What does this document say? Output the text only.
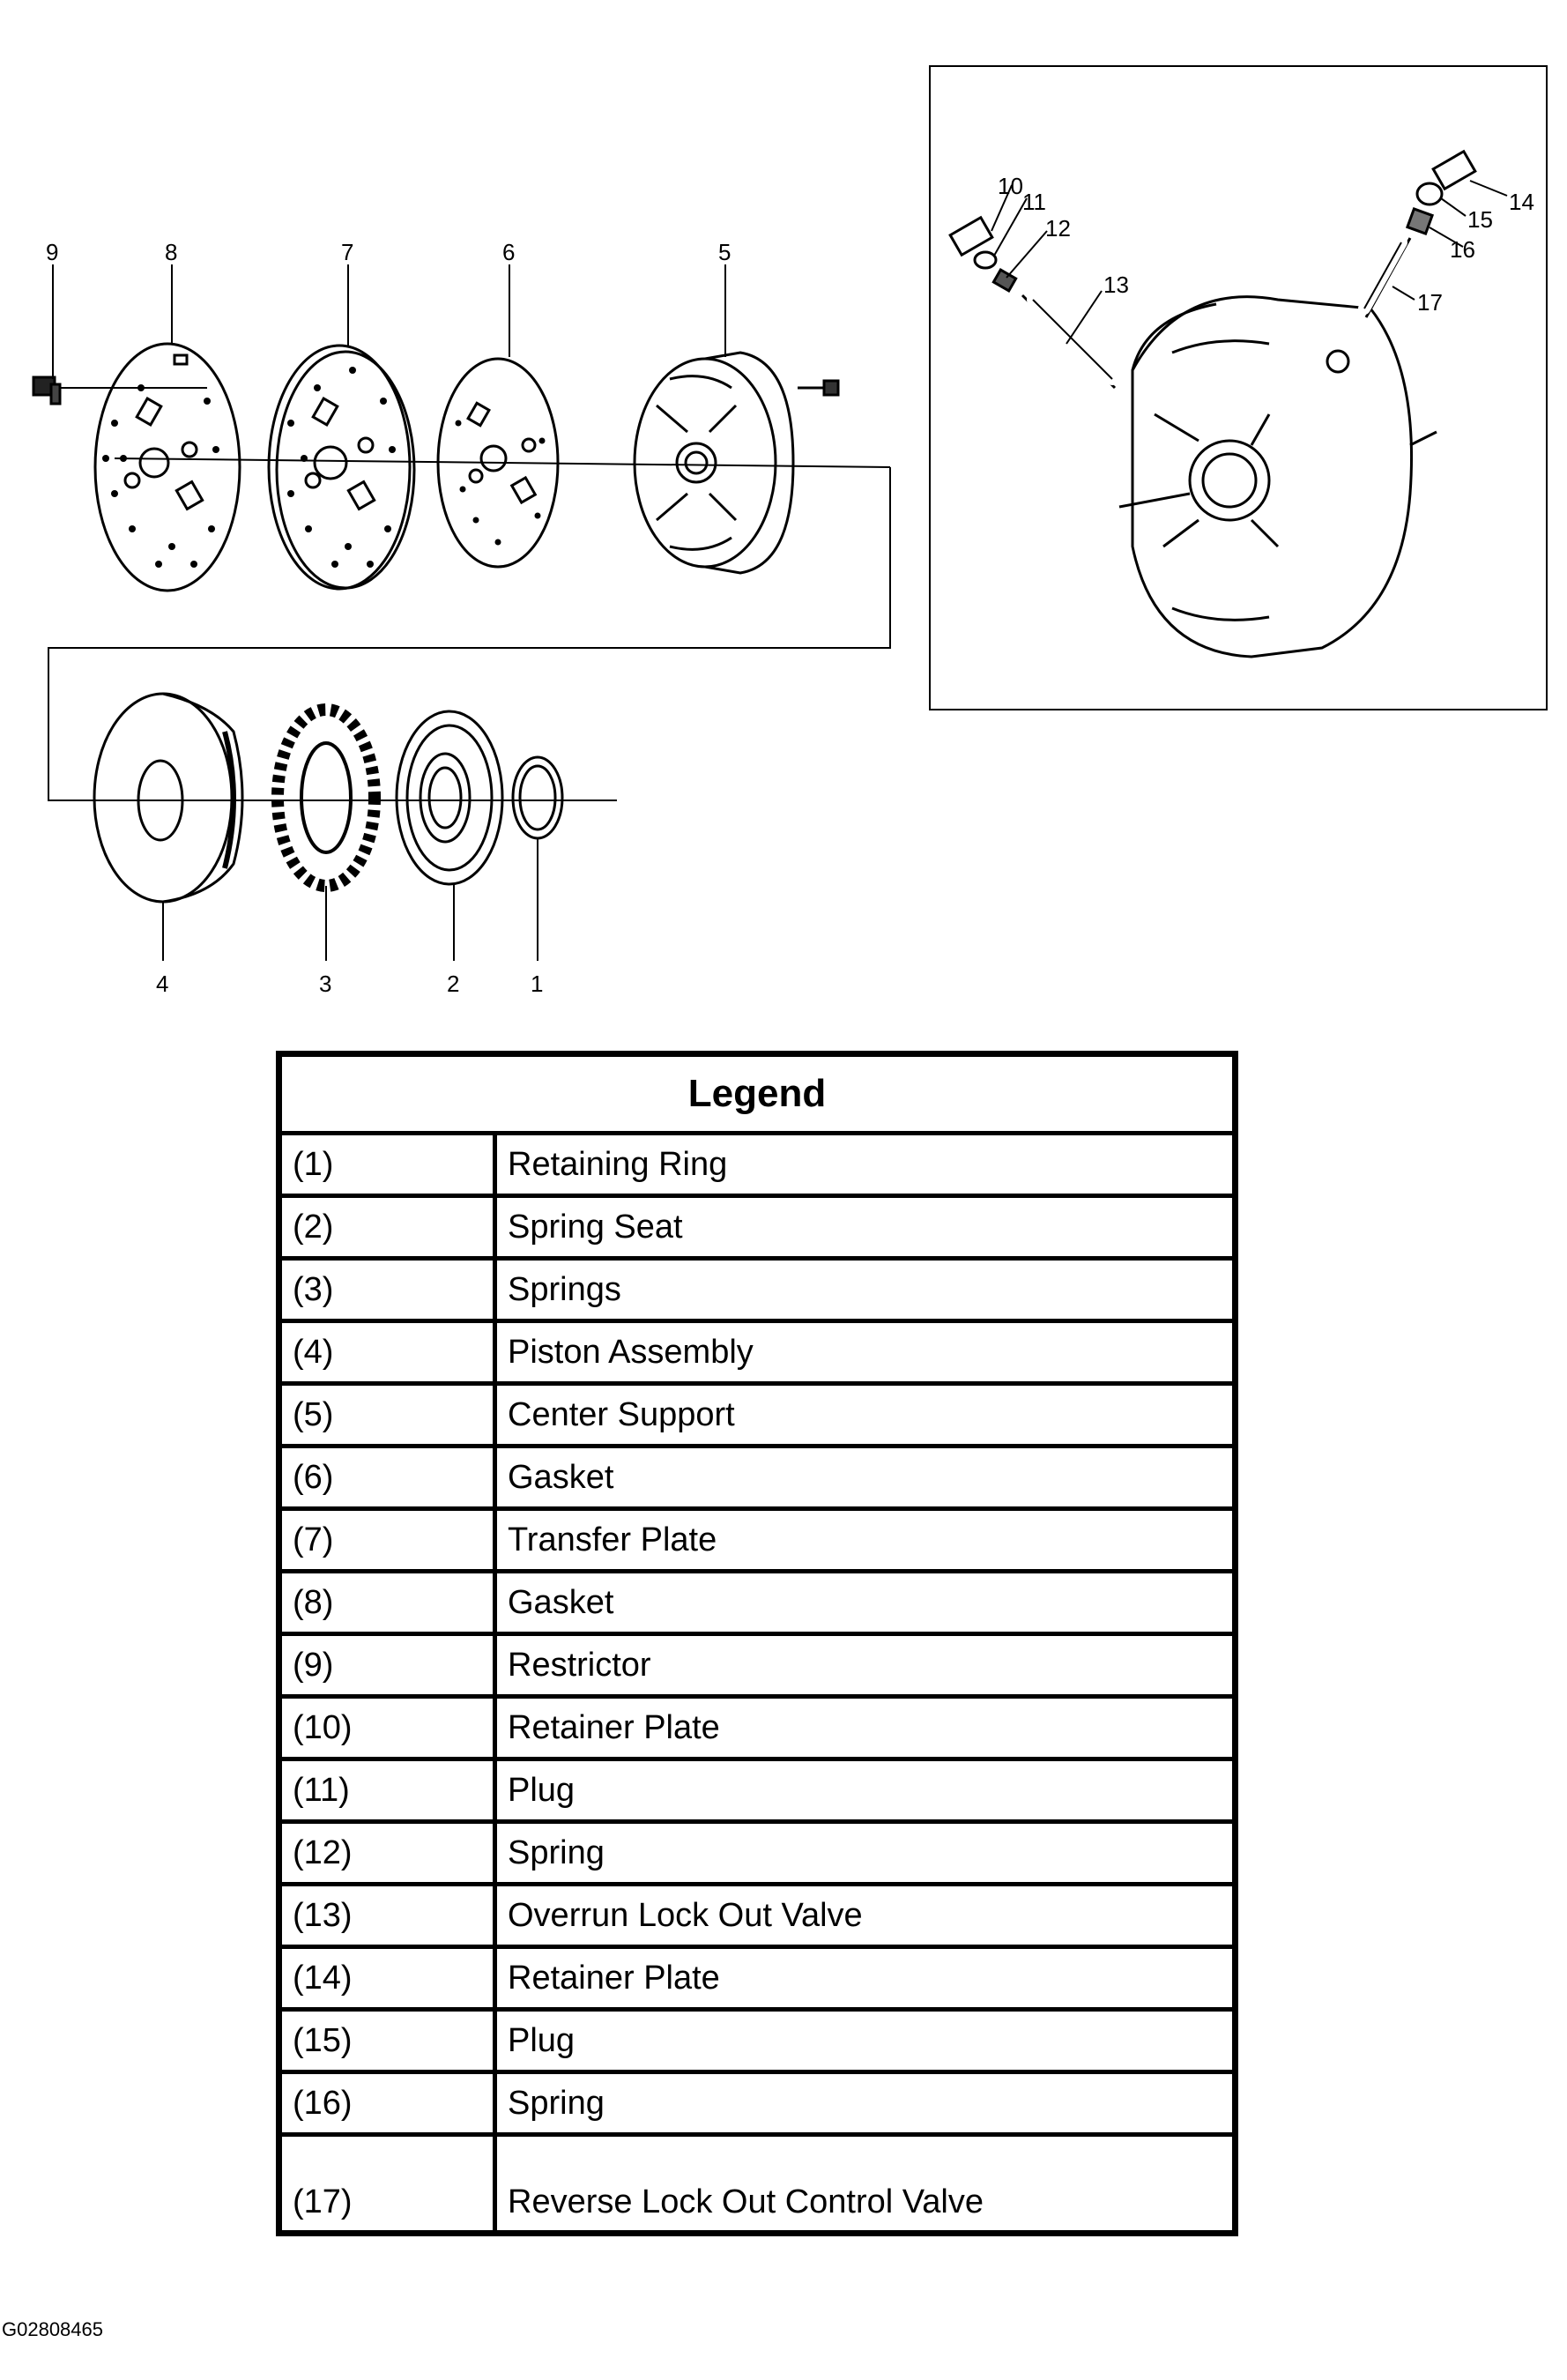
9	8	7	6	5
4	3	2	1
10
11
12
13
14
15
16
17
Legend	
(1)	Retaining Ring
(2)	Spring Seat
(3)	Springs
(4)	Piston Assembly
(5)	Center Support
(6)	Gasket
(7)	Transfer Plate
(8)	Gasket
(9)	Restrictor
(10)	Retainer Plate
(11)	Plug
(12)	Spring
(13)	Overrun Lock Out Valve
(14)	Retainer Plate
(15)	Plug
(16)	Spring
(17)	Reverse Lock Out Control Valve
G02808465
